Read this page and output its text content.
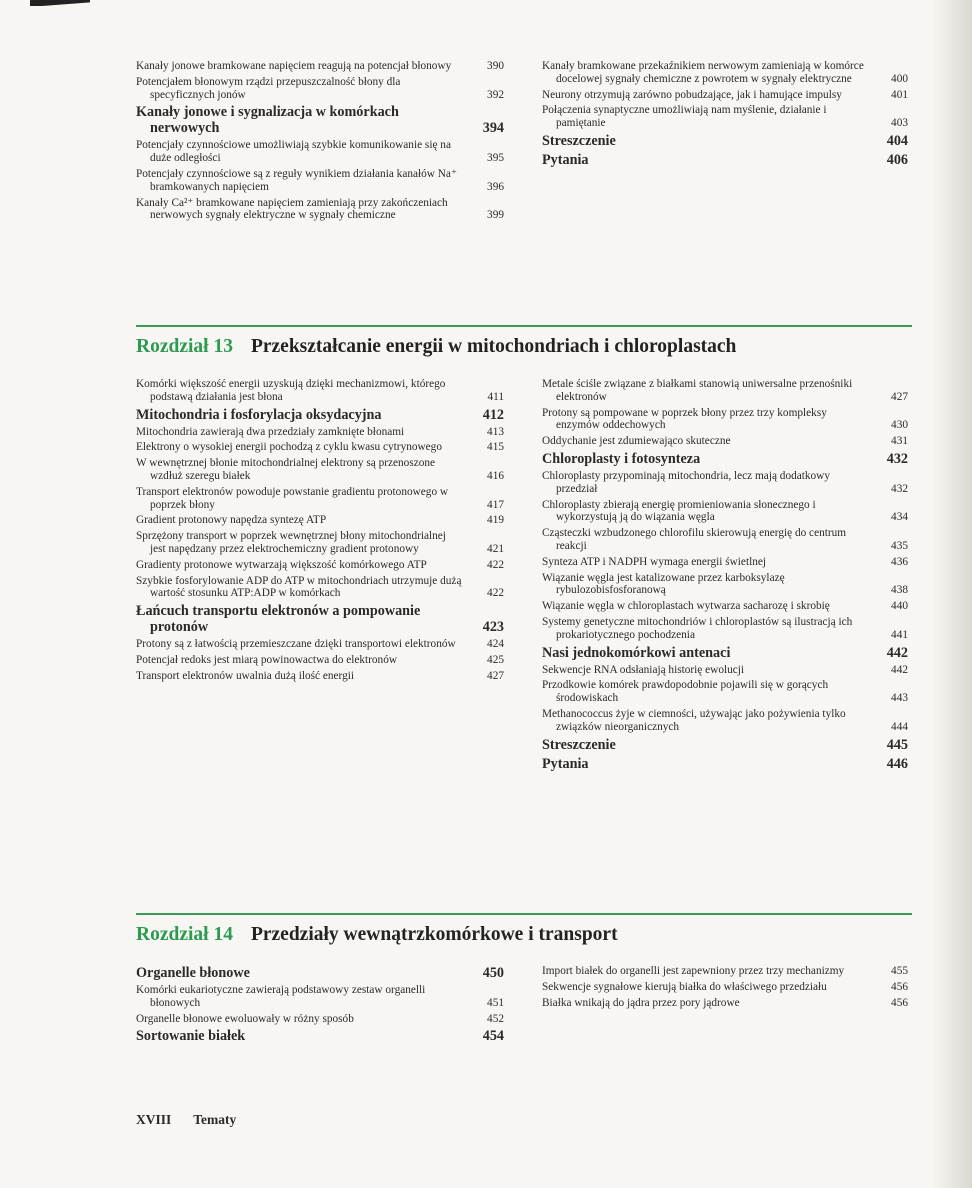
Kanały jonowe bramkowane napięciem reagują na potencjał błonowy	390
Potencjałem błonowym rządzi przepuszczalność błony dla specyficznych jonów	392
Kanały jonowe i sygnalizacja w komórkach nerwowych	394
Potencjały czynnościowe umożliwiają szybkie komunikowanie się na duże odległości	395
Potencjały czynnościowe są z reguły wynikiem działania kanałów Na⁺ bramkowanych napięciem	396
Kanały Ca²⁺ bramkowane napięciem zamieniają przy zakończeniach nerwowych sygnały elektryczne w sygnały chemiczne	399
Kanały bramkowane przekaźnikiem nerwowym zamieniają w komórce docelowej sygnały chemiczne z powrotem w sygnały elektryczne	400
Neurony otrzymują zarówno pobudzające, jak i hamujące impulsy	401
Połączenia synaptyczne umożliwiają nam myślenie, działanie i pamiętanie	403
Streszczenie	404
Pytania	406
Rozdział 13 Przekształcanie energii w mitochondriach i chloroplastach
Komórki większość energii uzyskują dzięki mechanizmowi, którego podstawą działania jest błona	411
Mitochondria i fosforylacja oksydacyjna	412
Mitochondria zawierają dwa przedziały zamknięte błonami	413
Elektrony o wysokiej energii pochodzą z cyklu kwasu cytrynowego	415
W wewnętrznej błonie mitochondrialnej elektrony są przenoszone wzdłuż szeregu białek	416
Transport elektronów powoduje powstanie gradientu protonowego w poprzek błony	417
Gradient protonowy napędza syntezę ATP	419
Sprzężony transport w poprzek wewnętrznej błony mitochondrialnej jest napędzany przez elektrochemiczny gradient protonowy	421
Gradienty protonowe wytwarzają większość komórkowego ATP	422
Szybkie fosforylowanie ADP do ATP w mitochondriach utrzymuje dużą wartość stosunku ATP:ADP w komórkach	422
Łańcuch transportu elektronów a pompowanie protonów	423
Protony są z łatwością przemieszczane dzięki transportowi elektronów	424
Potencjał redoks jest miarą powinowactwa do elektronów	425
Transport elektronów uwalnia dużą ilość energii	427
Metale ściśle związane z białkami stanowią uniwersalne przenośniki elektronów	427
Protony są pompowane w poprzek błony przez trzy kompleksy enzymów oddechowych	430
Oddychanie jest zdumiewająco skuteczne	431
Chloroplasty i fotosynteza	432
Chloroplasty przypominają mitochondria, lecz mają dodatkowy przedział	432
Chloroplasty zbierają energię promieniowania słonecznego i wykorzystują ją do wiązania węgla	434
Cząsteczki wzbudzonego chlorofilu skierowują energię do centrum reakcji	435
Synteza ATP i NADPH wymaga energii świetlnej	436
Wiązanie węgla jest katalizowane przez karboksylazę rybulozobisfosforanową	438
Wiązanie węgla w chloroplastach wytwarza sacharozę i skrobię	440
Systemy genetyczne mitochondriów i chloroplastów są ilustracją ich prokariotycznego pochodzenia	441
Nasi jednokomórkowi antenaci	442
Sekwencje RNA odsłaniają historię ewolucji	442
Przodkowie komórek prawdopodobnie pojawili się w gorących środowiskach	443
Methanococcus żyje w ciemności, używając jako pożywienia tylko związków nieorganicznych	444
Streszczenie	445
Pytania	446
Rozdział 14 Przedziały wewnątrzkomórkowe i transport
Organelle błonowe	450
Komórki eukariotyczne zawierają podstawowy zestaw organelli błonowych	451
Organelle błonowe ewoluowały w różny sposób	452
Sortowanie białek	454
Import białek do organelli jest zapewniony przez trzy mechanizmy	455
Sekwencje sygnałowe kierują białka do właściwego przedziału	456
Białka wnikają do jądra przez pory jądrowe	456
XVIII Tematy
